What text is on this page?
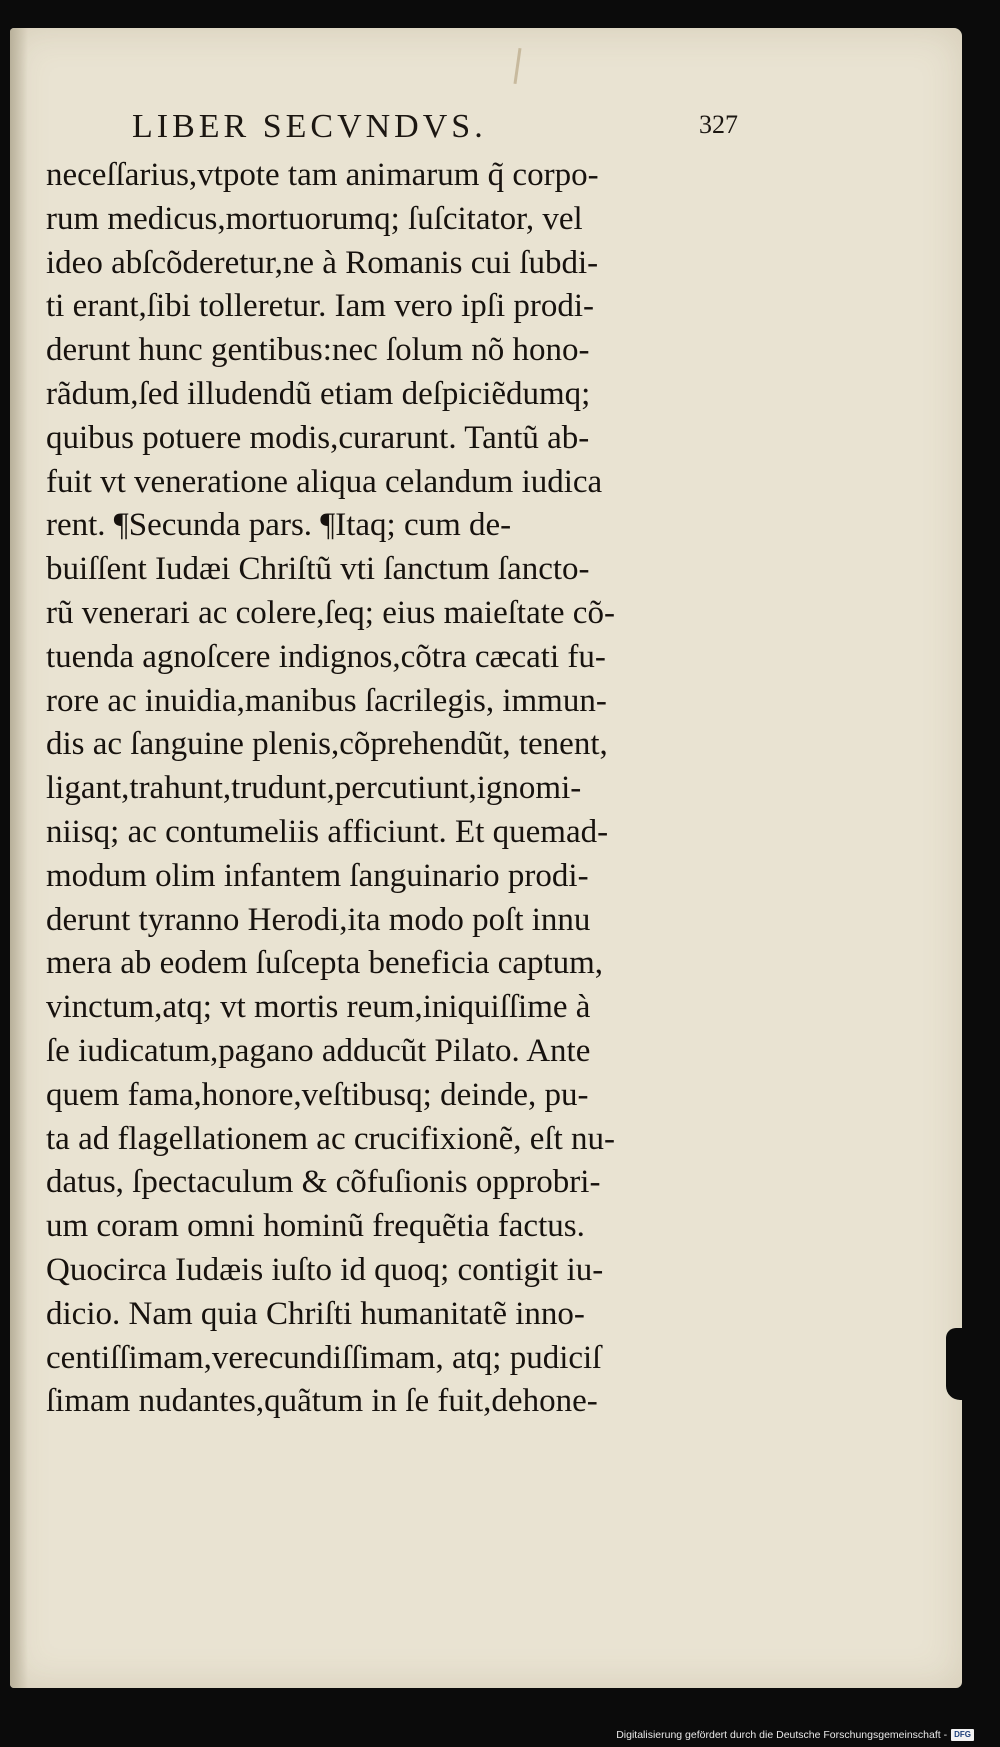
LIBER SECVNDVS.	327
neceſſarius,vtpote tam animarum q̃ corpo‑
rum medicus,mortuorumq; ſuſcitator, vel
ideo abſcõderetur,ne à Romanis cui ſubdi‑
ti erant,ſibi tolleretur. Iam vero ipſi prodi‑
derunt hunc gentibus:nec ſolum nõ hono‑
rãdum,ſed illudendũ etiam deſpiciẽdumq;
quibus potuere modis,curarunt. Tantũ ab‑
fuit vt veneratione aliqua celandum iudica
rent. ¶Secunda pars. ¶Itaq; cum de‑
buiſſent Iudæi Chriſtũ vti ſanctum ſancto‑
rũ venerari ac colere,ſeq; eius maieſtate cõ‑
tuenda agnoſcere indignos,cõtra cæcati fu‑
rore ac inuidia,manibus ſacrilegis, immun‑
dis ac ſanguine plenis,cõprehendũt, tenent,
ligant,trahunt,trudunt,percutiunt,ignomi‑
niisq; ac contumeliis afficiunt. Et quemad‑
modum olim infantem ſanguinario prodi‑
derunt tyranno Herodi,ita modo poſt innu
mera ab eodem ſuſcepta beneficia captum,
vinctum,atq; vt mortis reum,iniquiſſime à
ſe iudicatum,pagano adducũt Pilato. Ante
quem fama,honore,veſtibusq; deinde, pu‑
ta ad flagellationem ac crucifixionẽ, eſt nu‑
datus, ſpectaculum & cõfuſionis opprobri‑
um coram omni hominũ frequẽtia factus.
Quocirca Iudæis iuſto id quoq; contigit iu‑
dicio. Nam quia Chriſti humanitatẽ inno‑
centiſſimam,verecundiſſimam, atq; pudiciſ
ſimam nudantes,quãtum in ſe fuit,dehone‑
Digitalisierung gefördert durch die Deutsche Forschungsgemeinschaft - DFG
